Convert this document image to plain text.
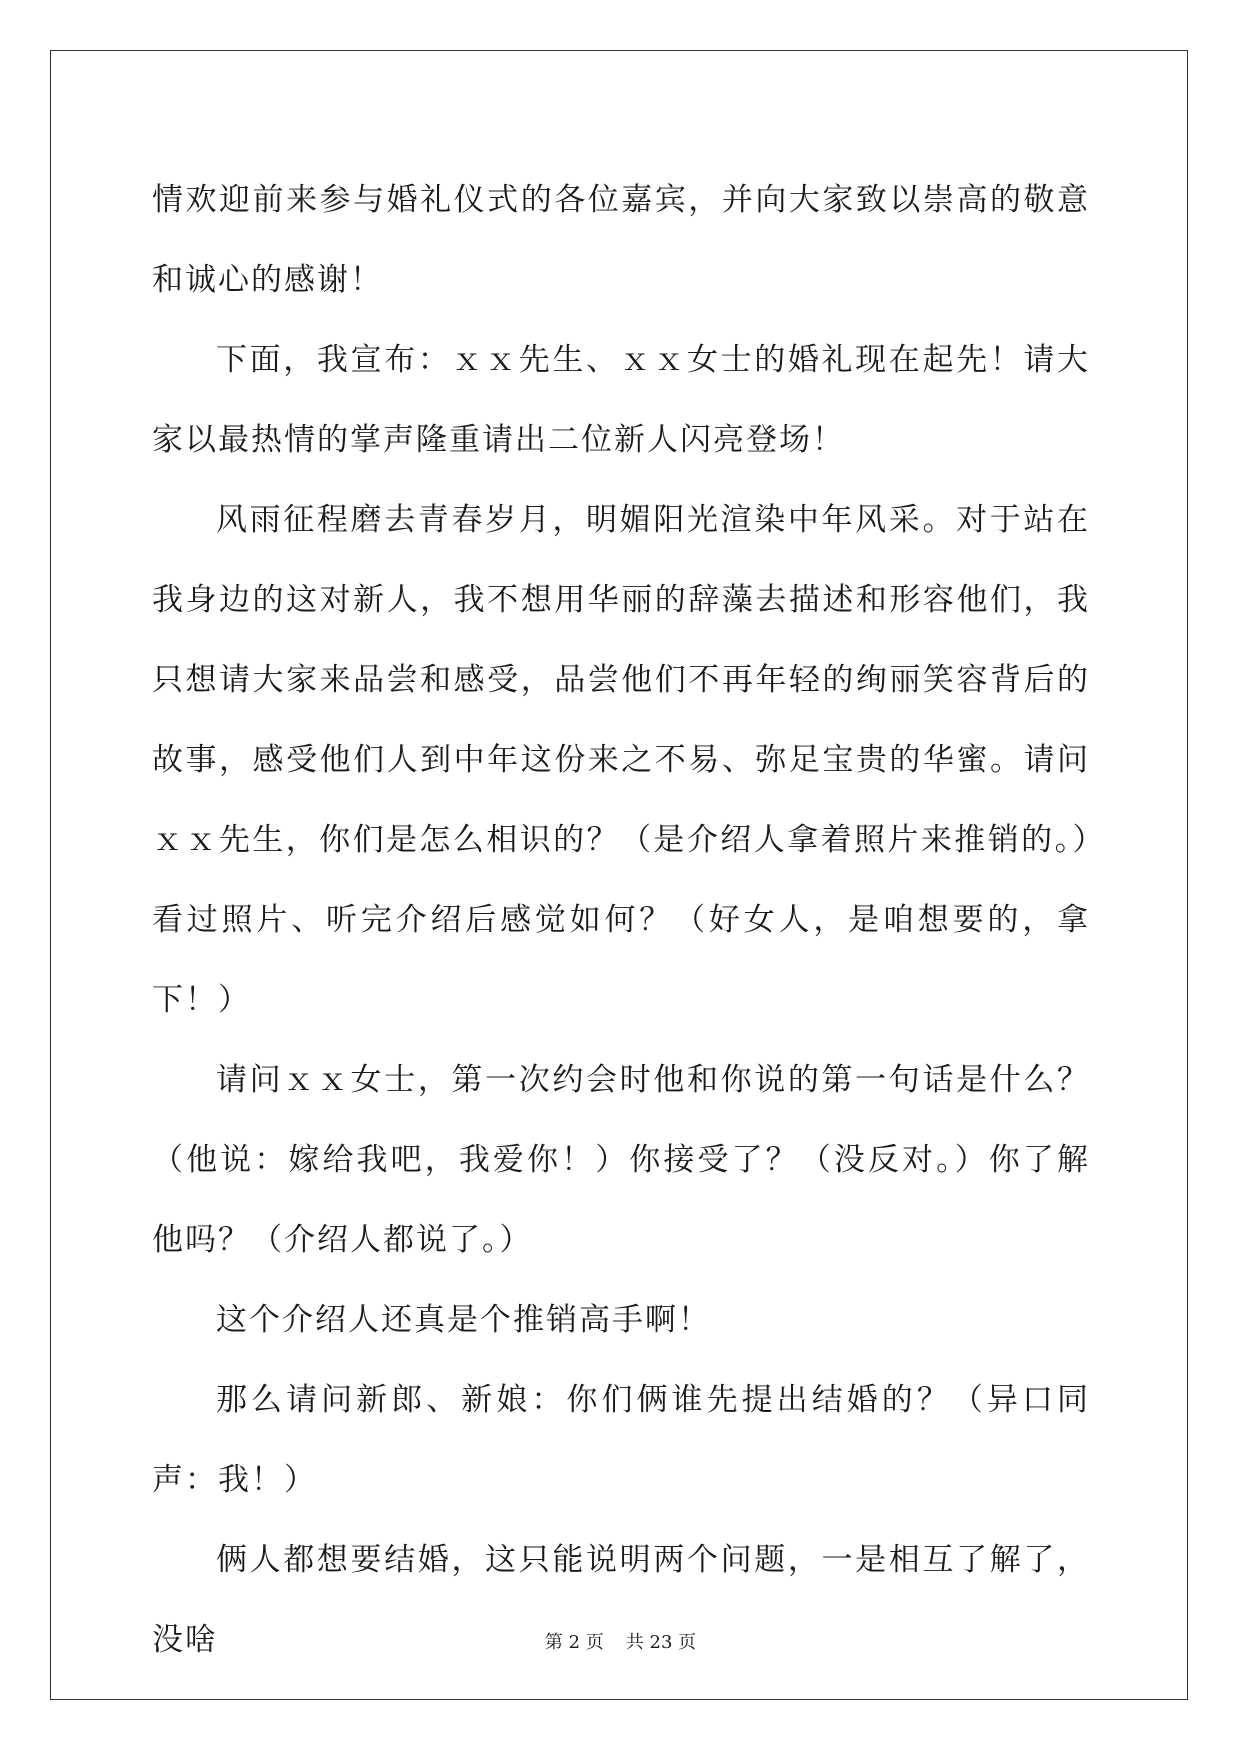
情欢迎前来参与婚礼仪式的各位嘉宾，并向大家致以崇高的敬意和诚心的感谢！

下面，我宣布：ｘｘ先生、ｘｘ女士的婚礼现在起先！请大家以最热情的掌声隆重请出二位新人闪亮登场！

风雨征程磨去青春岁月，明媚阳光渲染中年风采。对于站在我身边的这对新人，我不想用华丽的辞藻去描述和形容他们，我只想请大家来品尝和感受，品尝他们不再年轻的绚丽笑容背后的故事，感受他们人到中年这份来之不易、弥足宝贵的华蜜。请问ｘｘ先生，你们是怎么相识的？（是介绍人拿着照片来推销的。）看过照片、听完介绍后感觉如何？（好女人，是咱想要的，拿下！）

请问ｘｘ女士，第一次约会时他和你说的第一句话是什么？（他说：嫁给我吧，我爱你！）你接受了？（没反对。）你了解他吗？（介绍人都说了。）

这个介绍人还真是个推销高手啊！

那么请问新郎、新娘：你们俩谁先提出结婚的？（异口同声：我！）

俩人都想要结婚，这只能说明两个问题，一是相互了解了，没啥	第 2 页 共 23 页
